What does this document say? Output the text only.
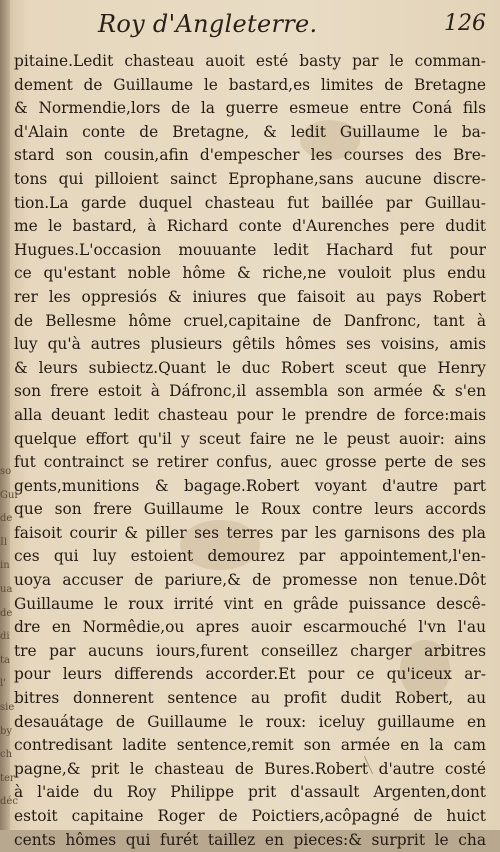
Roy d'Angleterre.	126
pitaine.Ledit chasteau auoit esté basty par le comman-
dement de Guillaume le bastard,es limites de Bretagne
& Normendie,lors de la guerre esmeue entre Coná fils
d'Alain conte de Bretagne, & ledit Guillaume le ba-
stard son cousin,afin d'empescher les courses des Bre-
tons qui pilloient sainct Eprophane,sans aucune discre-
tion.La garde duquel chasteau fut baillée par Guillau-
me le bastard, à Richard conte d'Aurenches pere dudit
Hugues.L'occasion mouuante ledit Hachard fut pour
ce qu'estant noble hôme & riche,ne vouloit plus endu
rer les oppresiós & iniures que faisoit au pays Robert
de Bellesme hôme cruel,capitaine de Danfronc, tant à
luy qu'à autres plusieurs gêtils hômes ses voisins, amis
& leurs subiectz.Quant le duc Robert sceut que Henry
son frere estoit à Dáfronc,il assembla son armée & s'en
alla deuant ledit chasteau pour le prendre de force:mais
quelque effort qu'il y sceut faire ne le peust auoir: ains
fut contrainct se retirer confus, auec grosse perte de ses
gents,munitions & bagage.Robert voyant d'autre part
que son frere Guillaume le Roux contre leurs accords
faisoit courir & piller ses terres par les garnisons des pla
ces qui luy estoient demourez par appointement,l'en-
uoya accuser de pariure,& de promesse non tenue.Dôt
Guillaume le roux irrité vint en grâde puissance descê-
dre en Normêdie,ou apres auoir escarmouché l'vn l'au
tre par aucuns iours,furent conseillez charger arbitres
pour leurs differends accorder.Et pour ce qu'iceux ar-
bitres donnerent sentence au profit dudit Robert, au
desauátage de Guillaume le roux: iceluy guillaume en
contredisant ladite sentence,remit son armée en la cam
pagne,& prit le chasteau de Bures.Robert d'autre costé
à l'aide du Roy Philippe prit d'assault Argenten,dont
estoit capitaine Roger de Poictiers,acôpagné de huict
cents hômes qui furét taillez en pieces:& surprit le cha
so
Gui
de
Il
in
ua
de
di
ta
l'
sie
by
ch
ter
déc
